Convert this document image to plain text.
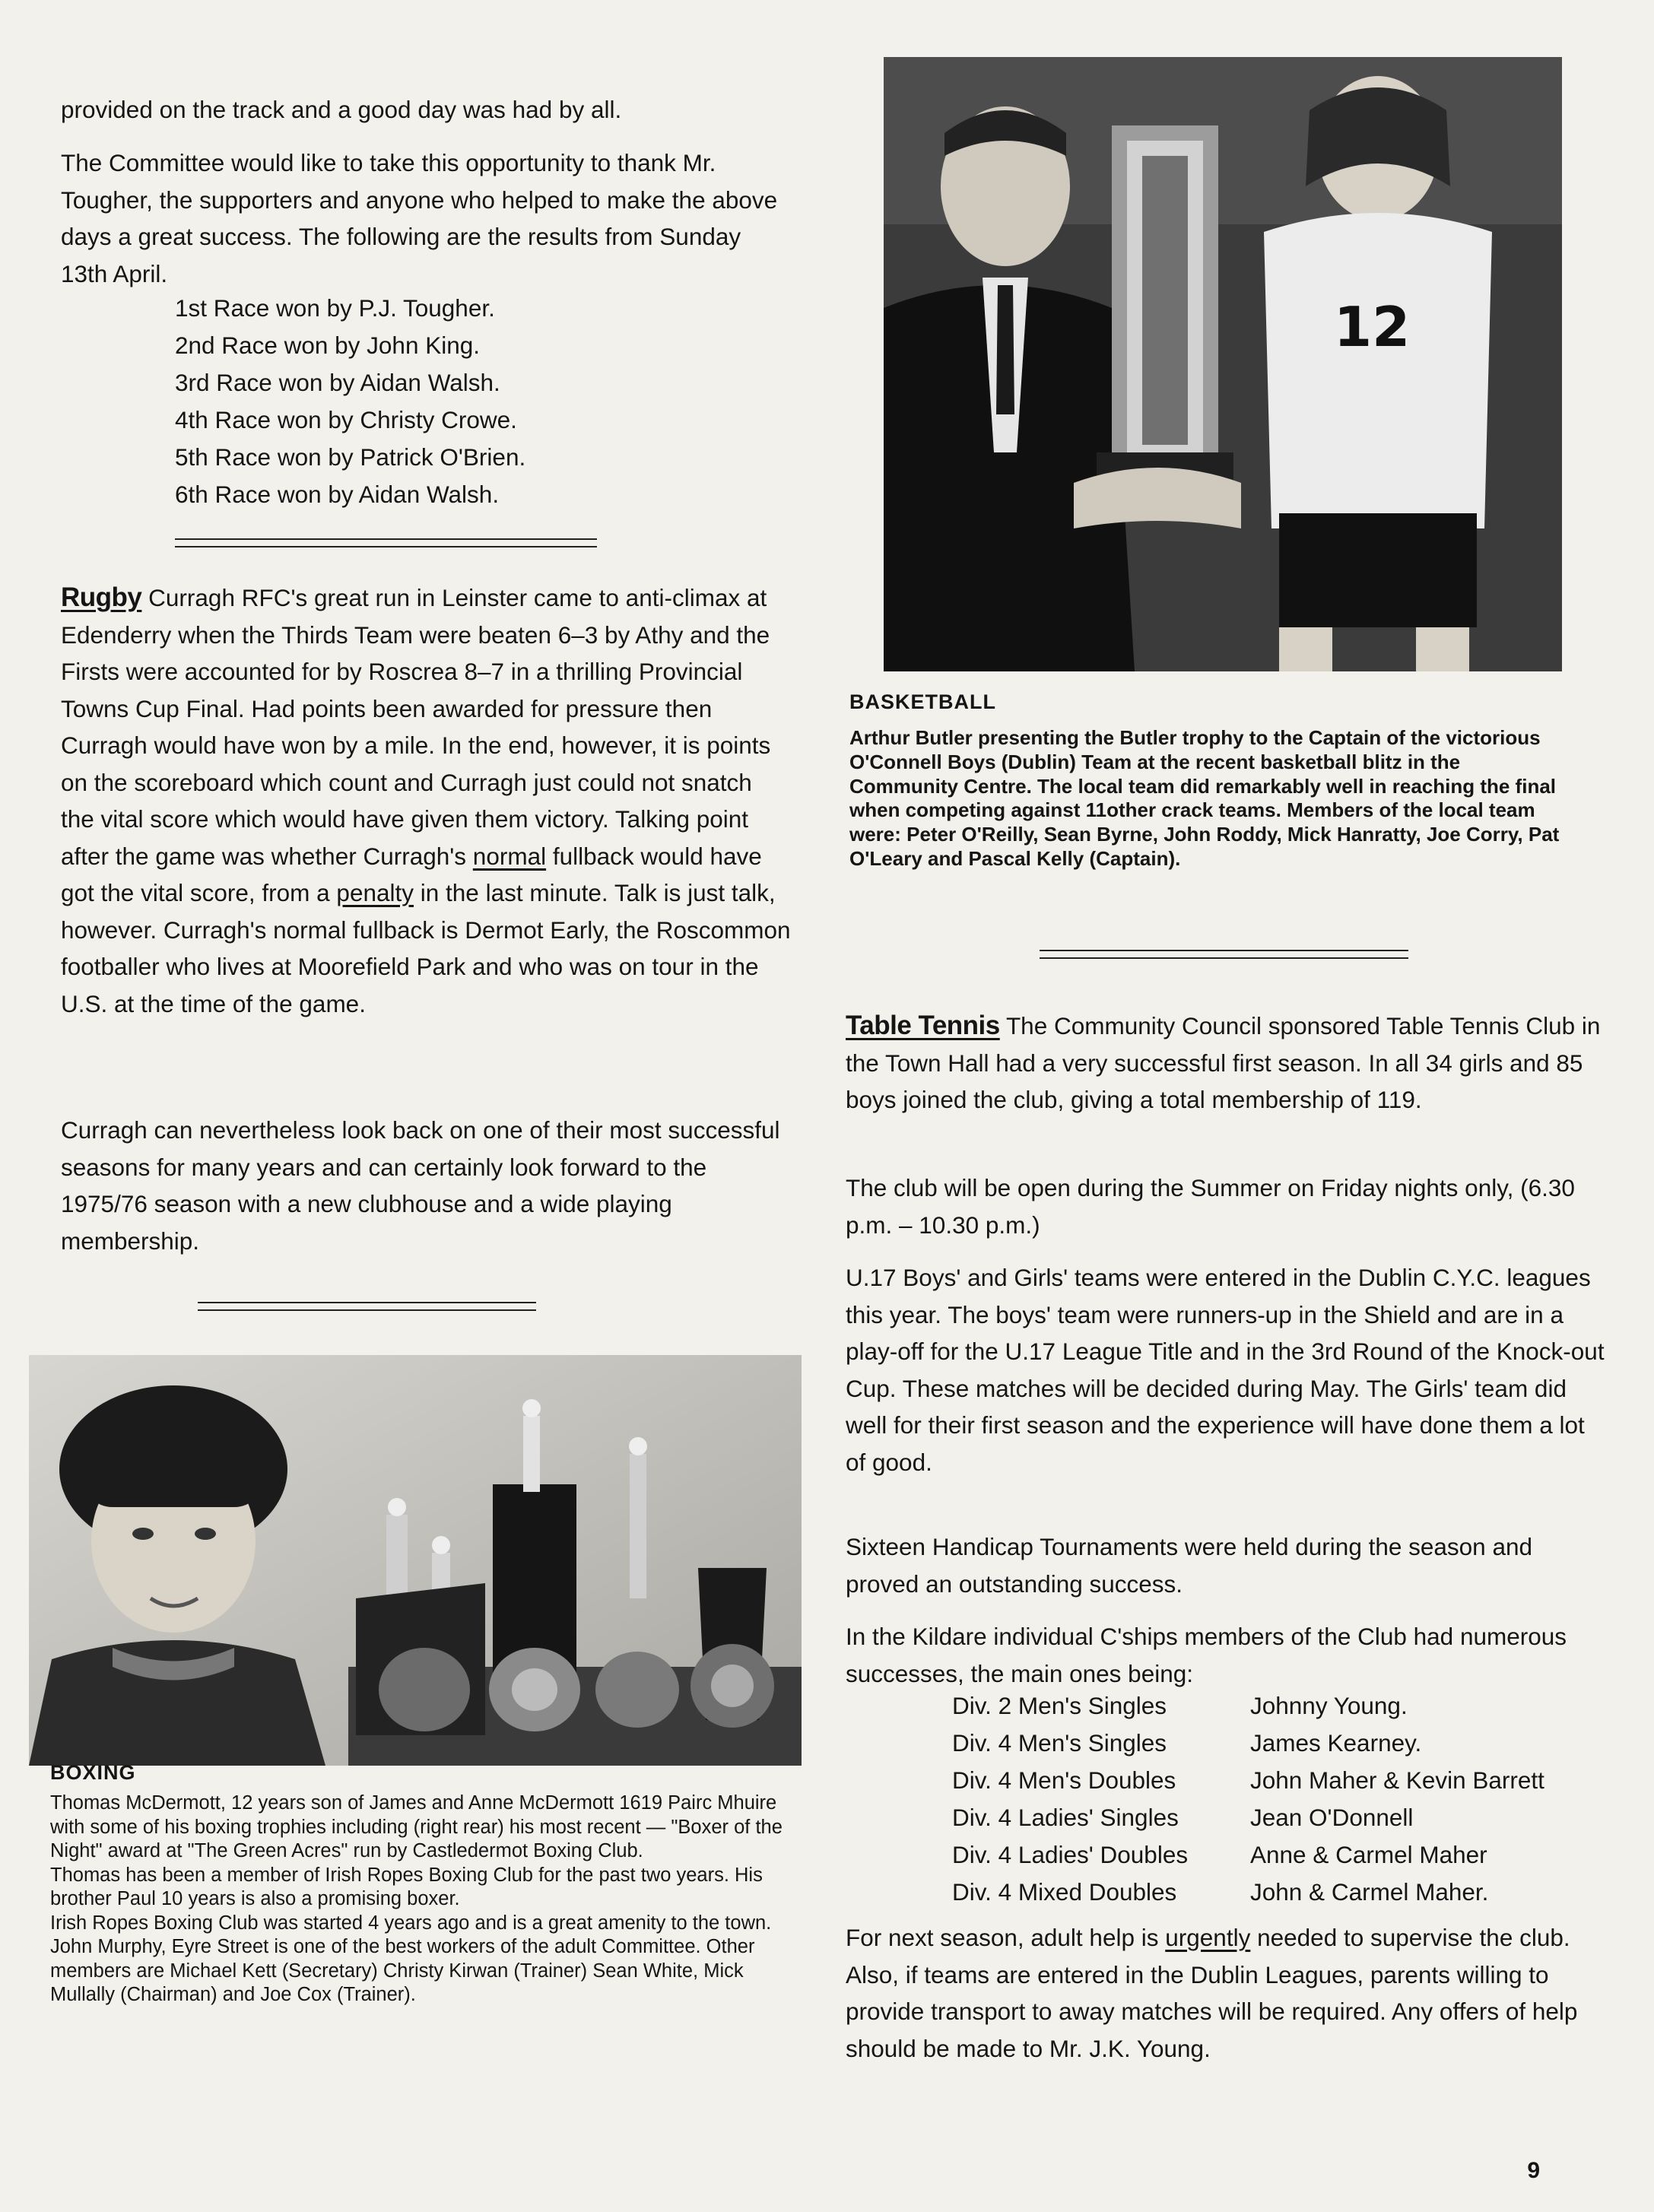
provided on the track and a good day was had by all.

The Committee would like to take this opportunity to thank Mr. Tougher, the supporters and anyone who helped to make the above days a great success. The following are the results from Sunday 13th April.

1st Race won by P.J. Tougher.
2nd Race won by John King.
3rd Race won by Aidan Walsh.
4th Race won by Christy Crowe.
5th Race won by Patrick O'Brien.
6th Race won by Aidan Walsh.

Rugby Curragh RFC's great run in Leinster came to anti-climax at Edenderry when the Thirds Team were beaten 6–3 by Athy and the Firsts were accounted for by Roscrea 8–7 in a thrilling Provincial Towns Cup Final. Had points been awarded for pressure then Curragh would have won by a mile. In the end, however, it is points on the scoreboard which count and Curragh just could not snatch the vital score which would have given them victory. Talking point after the game was whether Curragh's normal fullback would have got the vital score, from a penalty in the last minute. Talk is just talk, however. Curragh's normal fullback is Dermot Early, the Roscommon footballer who lives at Moorefield Park and who was on tour in the U.S. at the time of the game.

Curragh can nevertheless look back on one of their most successful seasons for many years and can certainly look forward to the 1975/76 season with a new clubhouse and a wide playing membership.

BOXING

Thomas McDermott, 12 years son of James and Anne McDermott 1619 Pairc Mhuire with some of his boxing trophies including (right rear) his most recent — "Boxer of the Night" award at "The Green Acres" run by Castledermot Boxing Club.

Thomas has been a member of Irish Ropes Boxing Club for the past two years. His brother Paul 10 years is also a promising boxer.

Irish Ropes Boxing Club was started 4 years ago and is a great amenity to the town. John Murphy, Eyre Street is one of the best workers of the adult Committee. Other members are Michael Kett (Secretary) Christy Kirwan (Trainer) Sean White, Mick Mullally (Chairman) and Joe Cox (Trainer).

12

BASKETBALL

Arthur Butler presenting the Butler trophy to the Captain of the victorious O'Connell Boys (Dublin) Team at the recent basketball blitz in the Community Centre. The local team did remarkably well in reaching the final when competing against 11other crack teams. Members of the local team were: Peter O'Reilly, Sean Byrne, John Roddy, Mick Hanratty, Joe Corry, Pat O'Leary and Pascal Kelly (Captain).

Table Tennis The Community Council sponsored Table Tennis Club in the Town Hall had a very successful first season. In all 34 girls and 85 boys joined the club, giving a total membership of 119.

The club will be open during the Summer on Friday nights only, (6.30 p.m. – 10.30 p.m.)

U.17 Boys' and Girls' teams were entered in the Dublin C.Y.C. leagues this year. The boys' team were runners-up in the Shield and are in a play-off for the U.17 League Title and in the 3rd Round of the Knock-out Cup. These matches will be decided during May. The Girls' team did well for their first season and the experience will have done them a lot of good.

Sixteen Handicap Tournaments were held during the season and proved an outstanding success.

In the Kildare individual C'ships members of the Club had numerous successes, the main ones being:

Div. 2 Men's Singles	Johnny Young.
Div. 4 Men's Singles	James Kearney.
Div. 4 Men's Doubles	John Maher & Kevin Barrett
Div. 4 Ladies' Singles	Jean O'Donnell
Div. 4 Ladies' Doubles	Anne & Carmel Maher
Div. 4 Mixed Doubles	John & Carmel Maher.

For next season, adult help is urgently needed to supervise the club. Also, if teams are entered in the Dublin Leagues, parents willing to provide transport to away matches will be required. Any offers of help should be made to Mr. J.K. Young.

9
